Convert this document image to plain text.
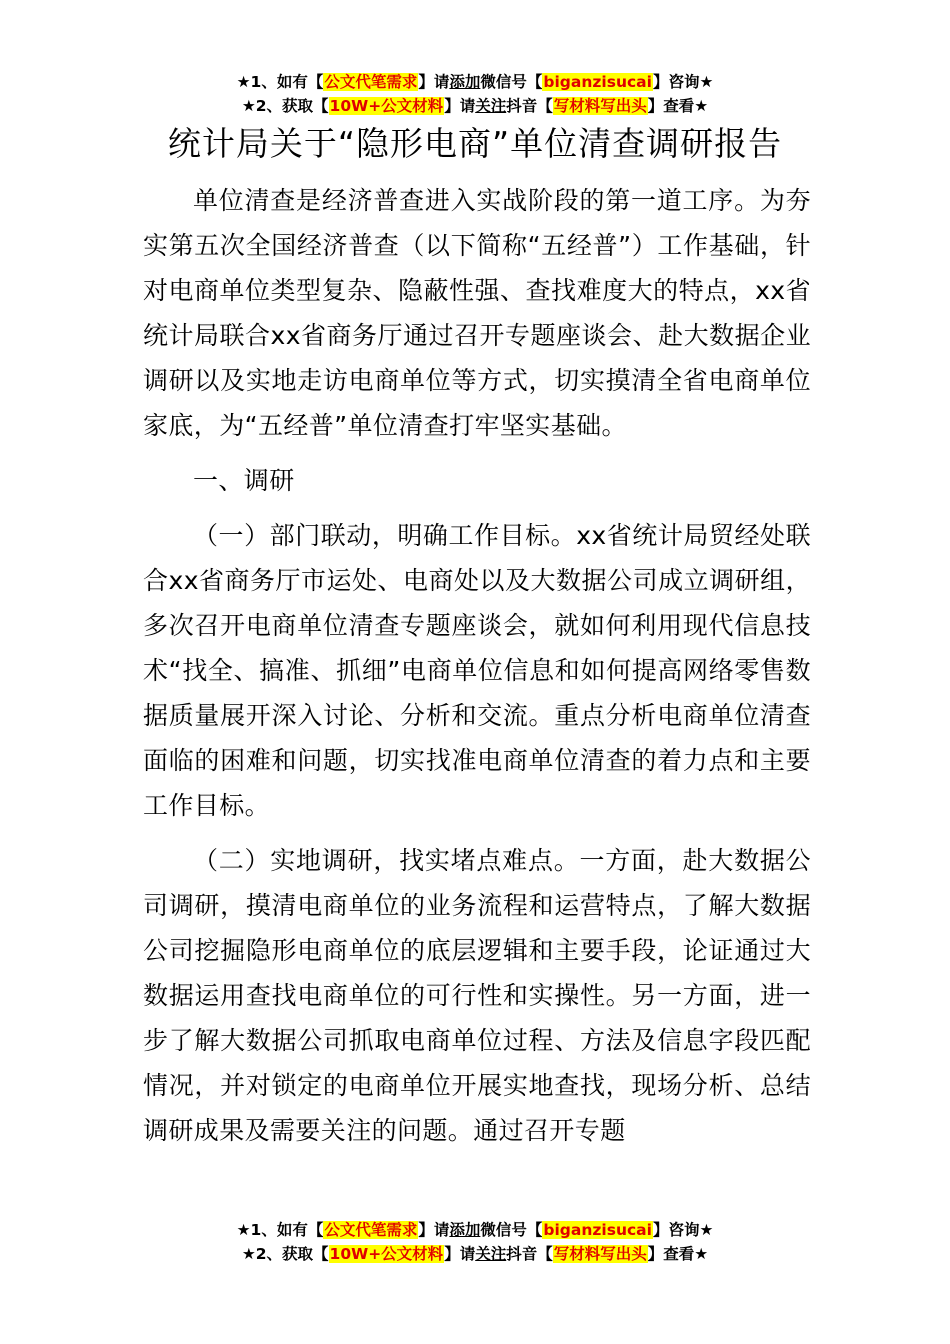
★1、如有【公文代笔需求】请添加微信号【biganzisucai】咨询★
★2、获取【10W+公文材料】请关注抖音【写材料写出头】查看★
统计局关于“隐形电商”单位清查调研报告

单位清查是经济普查进入实战阶段的第一道工序。为夯实第五次全国经济普查（以下简称“五经普”）工作基础，针对电商单位类型复杂、隐蔽性强、查找难度大的特点，xx省统计局联合xx省商务厅通过召开专题座谈会、赴大数据企业调研以及实地走访电商单位等方式，切实摸清全省电商单位家底，为“五经普”单位清查打牢坚实基础。

一、调研

（一）部门联动，明确工作目标。xx省统计局贸经处联合xx省商务厅市运处、电商处以及大数据公司成立调研组，多次召开电商单位清查专题座谈会，就如何利用现代信息技术“找全、搞准、抓细”电商单位信息和如何提高网络零售数据质量展开深入讨论、分析和交流。重点分析电商单位清查面临的困难和问题，切实找准电商单位清查的着力点和主要工作目标。

（二）实地调研，找实堵点难点。一方面，赴大数据公司调研，摸清电商单位的业务流程和运营特点，了解大数据公司挖掘隐形电商单位的底层逻辑和主要手段，论证通过大数据运用查找电商单位的可行性和实操性。另一方面，进一步了解大数据公司抓取电商单位过程、方法及信息字段匹配情况，并对锁定的电商单位开展实地查找，现场分析、总结调研成果及需要关注的问题。通过召开专题

★1、如有【公文代笔需求】请添加微信号【biganzisucai】咨询★
★2、获取【10W+公文材料】请关注抖音【写材料写出头】查看★
